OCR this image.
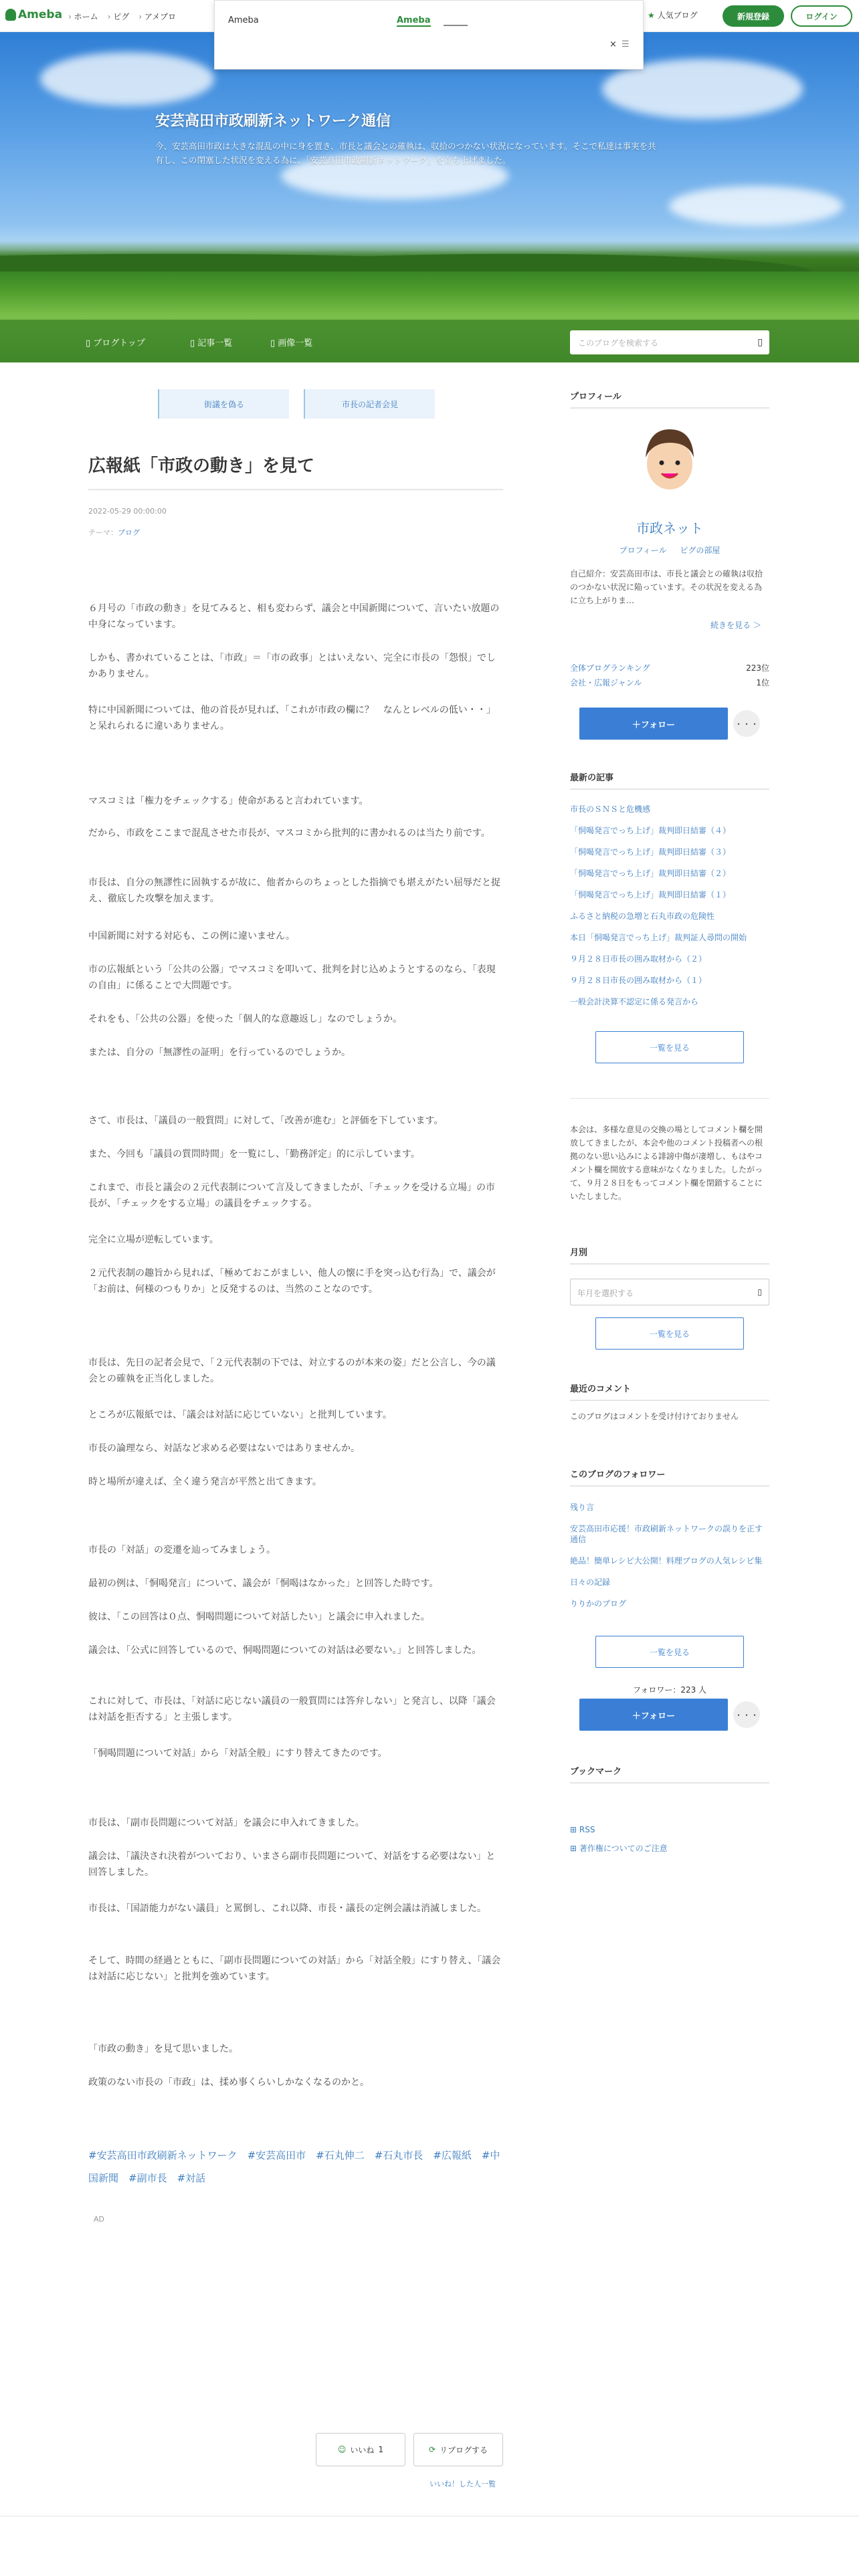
Ameba	› ホーム	› ピグ	› アメブロ	★ 人気ブログ	新規登録	ログイン
Ameba	Ameba
× ☰
安芸高田市政刷新ネットワーク通信
今、安芸高田市政は大きな混乱の中に身を置き、市長と議会との確執は、収拾のつかない状況になっています。そこで私達は事実を共有し、この閉塞した状況を変える為に、「安芸高田市政刷新ネットワーク」を立ち上げました。
▯ ブログトップ	▯ 記事一覧	▯ 画像一覧	このブログを検索する	▯
街議を偽る	市長の記者会見
広報紙「市政の動き」を見て
2022-05-29 00:00:00
テーマ：ブログ

６月号の「市政の動き」を見てみると、相も変わらず、議会と中国新聞について、言いたい放題の中身になっています。

しかも、書かれていることは、「市政」＝「市の政事」とはいえない、完全に市長の「怨恨」でしかありません。

特に中国新聞については、他の首長が見れば、「これが市政の欄に？　なんとレベルの低い・・」と呆れられるに違いありません。

マスコミは「権力をチェックする」使命があると言われています。

だから、市政をここまで混乱させた市長が、マスコミから批判的に書かれるのは当たり前です。

市長は、自分の無謬性に固執するが故に、他者からのちょっとした指摘でも堪えがたい屈辱だと捉え、徹底した攻撃を加えます。

中国新聞に対する対応も、この例に違いません。

市の広報紙という「公共の公器」でマスコミを叩いて、批判を封じ込めようとするのなら、「表現の自由」に係ることで大問題です。

それをも、「公共の公器」を使った「個人的な意趣返し」なのでしょうか。

または、自分の「無謬性の証明」を行っているのでしょうか。

さて、市長は、「議員の一般質問」に対して、「改善が進む」と評価を下しています。

また、今回も「議員の質問時間」を一覧にし、「勤務評定」的に示しています。

これまで、市長と議会の２元代表制について言及してきましたが、「チェックを受ける立場」の市長が、「チェックをする立場」の議員をチェックする。

完全に立場が逆転しています。

２元代表制の趣旨から見れば、「極めておこがましい、他人の懐に手を突っ込む行為」で、議会が「お前は、何様のつもりか」と反発するのは、当然のことなのです。

市長は、先日の記者会見で、「２元代表制の下では、対立するのが本来の姿」だと公言し、今の議会との確執を正当化しました。

ところが広報紙では、「議会は対話に応じていない」と批判しています。

市長の論理なら、対話など求める必要はないではありませんか。

時と場所が違えば、全く違う発言が平然と出てきます。

市長の「対話」の変遷を辿ってみましょう。

最初の例は、「恫喝発言」について、議会が「恫喝はなかった」と回答した時です。

彼は、「この回答は０点、恫喝問題について対話したい」と議会に申入れました。

議会は、「公式に回答しているので、恫喝問題についての対話は必要ない。」と回答しました。

これに対して、市長は、「対話に応じない議員の一般質問には答弁しない」と発言し、以降「議会は対話を拒否する」と主張します。

「恫喝問題について対話」から「対話全般」にすり替えてきたのです。

市長は、「副市長問題について対話」を議会に申入れてきました。

議会は、「議決され決着がついており、いまさら副市長問題について、対話をする必要はない」と回答しました。

市長は、「国語能力がない議員」と罵倒し、これ以降、市長・議長の定例会議は消滅しました。

そして、時間の経過とともに、「副市長問題についての対話」から「対話全般」にすり替え、「議会は対話に応じない」と批判を強めています。

「市政の動き」を見て思いました。

政策のない市長の「市政」は、揉め事くらいしかなくなるのかと。

#安芸高田市政刷新ネットワーク　#安芸高田市　#石丸伸二　#石丸市長　#広報紙　#中国新聞　#副市長　#対話
AD
☺ いいね 1	⟳ リブログする
いいね！した人一覧
プロフィール
市政ネット
プロフィール ピグの部屋
自己紹介：安芸高田市は、市長と議会との確執は収拾のつかない状況に陥っています。その状況を変える為に立ち上がりま…
続きを見る ＞
全体ブログランキング	223位
会社・広報ジャンル	1位
＋フォロー	・・・
最新の記事
市長のＳＮＳと危機感
「恫喝発言でっち上げ」裁判即日結審（４）
「恫喝発言でっち上げ」裁判即日結審（３）
「恫喝発言でっち上げ」裁判即日結審（２）
「恫喝発言でっち上げ」裁判即日結審（１）
ふるさと納税の急増と石丸市政の危険性
本日「恫喝発言でっち上げ」裁判証人尋問の開始
９月２８日市長の囲み取材から（２）
９月２８日市長の囲み取材から（１）
一般会計決算不認定に係る発言から
一覧を見る
本会は、多様な意見の交換の場としてコメント欄を開放してきましたが、本会や他のコメント投稿者への根拠のない思い込みによる誹謗中傷が凄増し、もはやコメント欄を開放する意味がなくなりました。したがって、９月２８日をもってコメント欄を閉鎖することにいたしました。
月別
年月を選択する	▯
一覧を見る
最近のコメント
このブログはコメントを受け付けておりません
このブログのフォロワー
残り言
安芸高田市応援！市政刷新ネットワークの誤りを正す通信
絶品！簡単レシピ大公開！料理ブログの人気レシピ集
日々の記録
りりかのブログ
一覧を見る
フォロワー：223 人
＋フォロー	・・・
ブックマーク
⊞ RSS
⊞ 著作権についてのご注意
